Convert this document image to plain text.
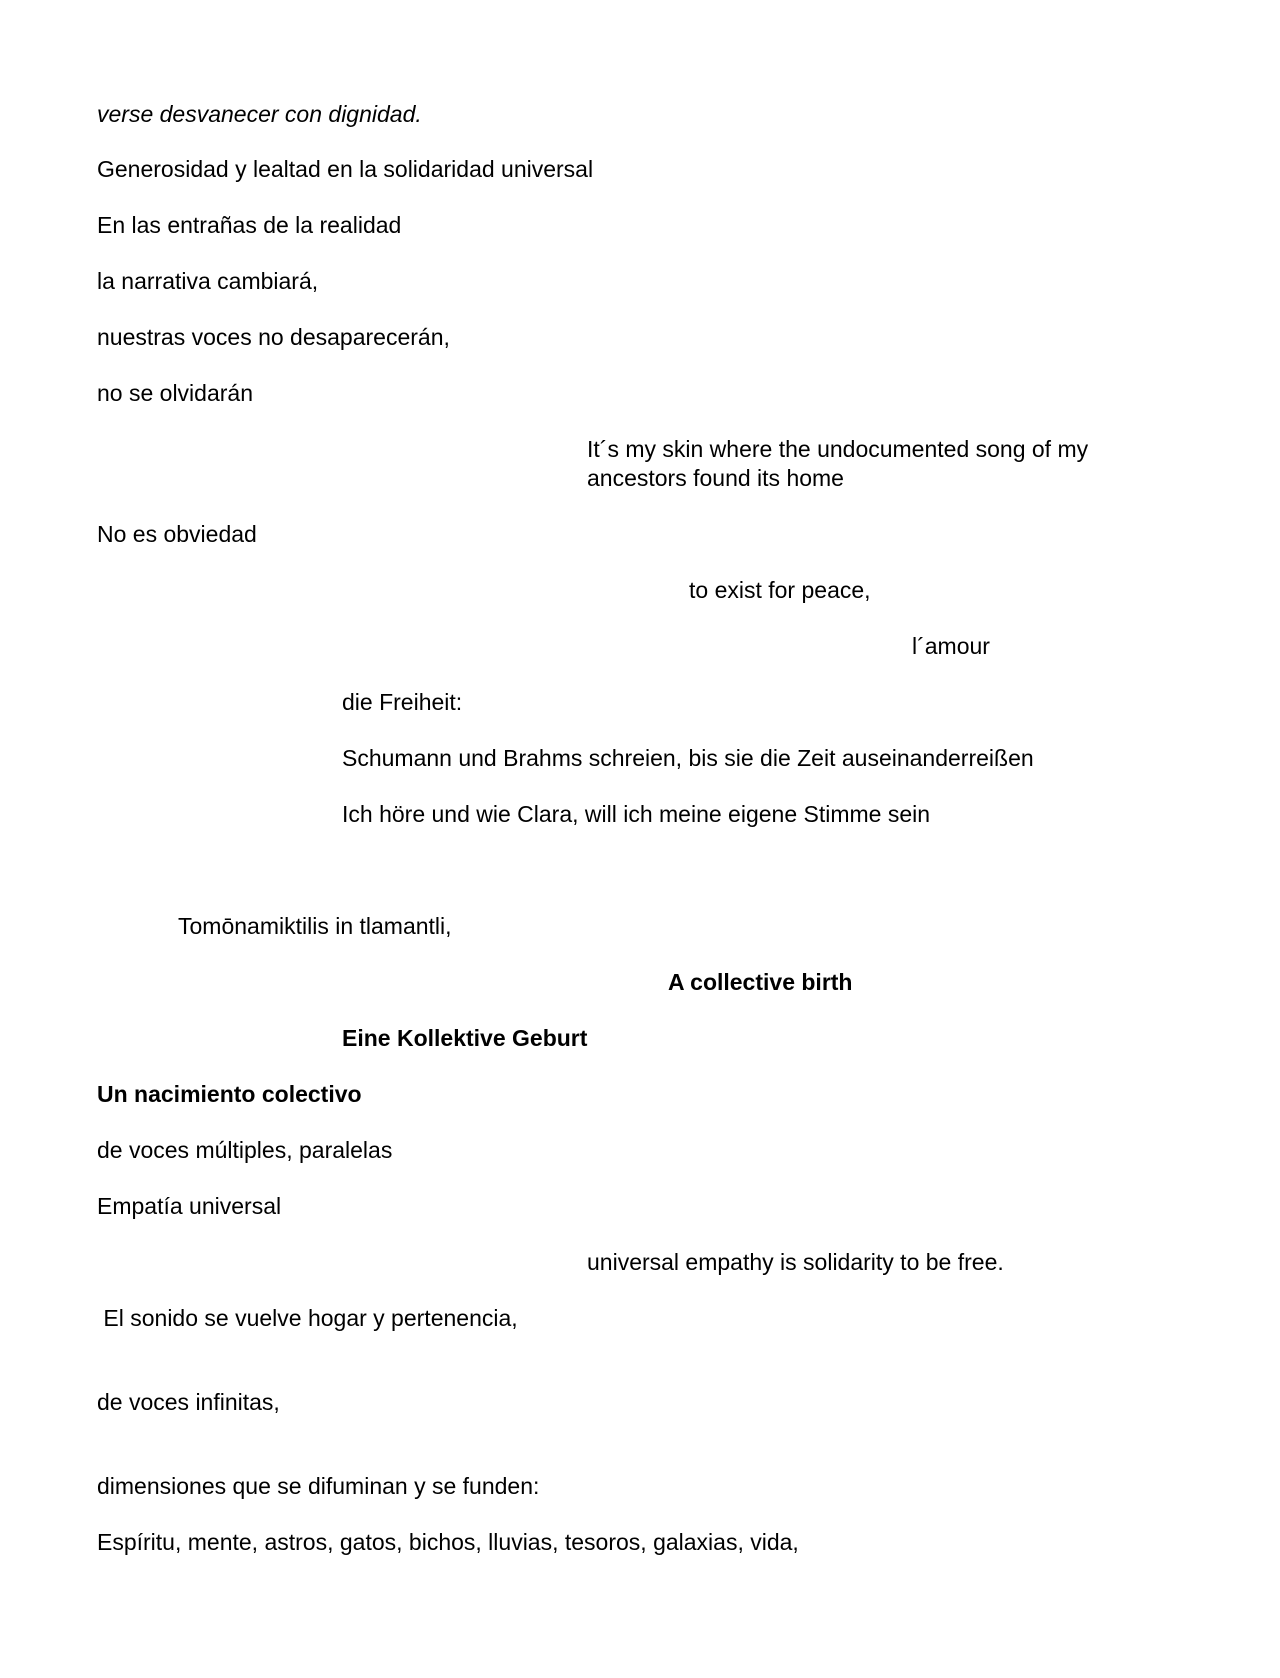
verse desvanecer con dignidad.

Generosidad y lealtad en la solidaridad universal

En las entrañas de la realidad

la narrativa cambiará,

nuestras voces no desaparecerán,

no se olvidarán

It´s my skin where the undocumented song of my ancestors found its home

No es obviedad

to exist for peace,

l´amour

die Freiheit:

Schumann und Brahms schreien, bis sie die Zeit auseinanderreißen

Ich höre und wie Clara, will ich meine eigene Stimme sein

Tomōnamiktilis in tlamantli,

A collective birth

Eine Kollektive Geburt

Un nacimiento colectivo

de voces múltiples, paralelas

Empatía universal

universal empathy is solidarity to be free.

El sonido se vuelve hogar y pertenencia,

de voces infinitas,

dimensiones que se difuminan y se funden:

Espíritu, mente, astros, gatos, bichos, lluvias, tesoros, galaxias, vida,
